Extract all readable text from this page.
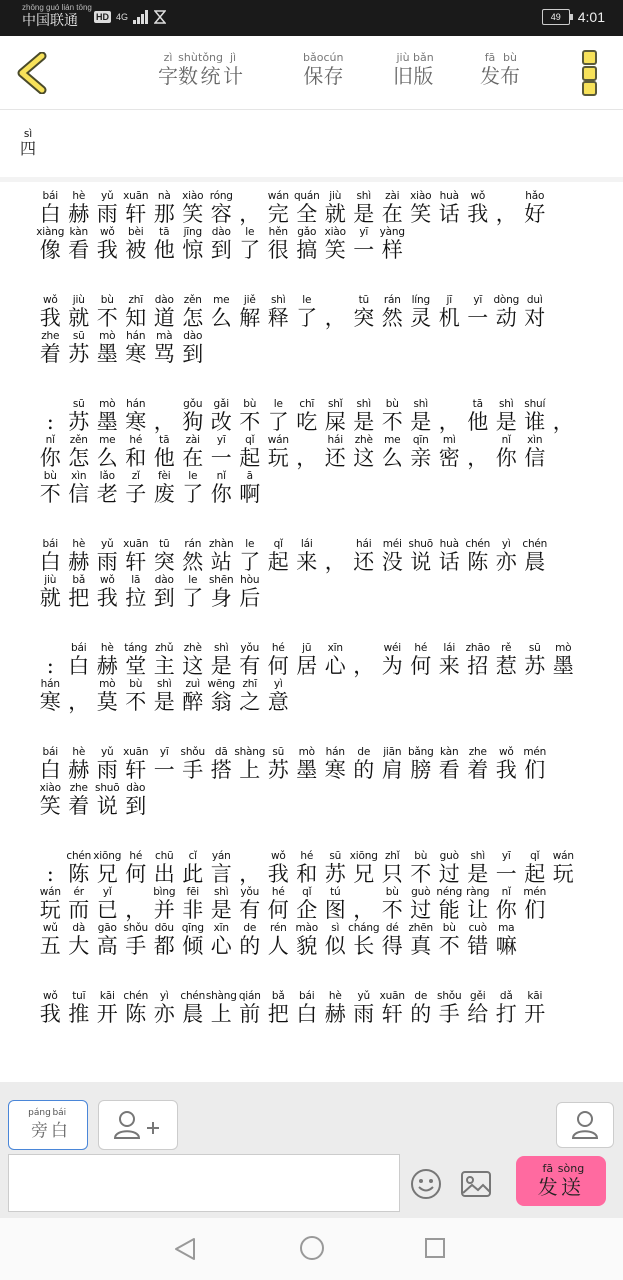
zhōng guó lián tōng
中国联通	HD 4G	49	4:01
zì
字
shù
数
tǒng
统
jì
计
bǎo
保
cún
存
jiù
旧
bǎn
版
fā
发
bù
布
sì
四
bái
白
hè
赫
yǔ
雨
xuān
轩
nà
那
xiào
笑
róng
容 ，
wán
完
quán
全
jiù
就
shì
是
zài
在
xiào
笑
huà
话
wǒ
我 ，
hǎo
好
xiàng
像
kàn
看
wǒ
我
bèi
被
tā
他
jīng
惊
dào
到
le
了
hěn
很
gǎo
搞
xiào
笑
yī
一
yàng
样
wǒ
我
jiù
就
bù
不
zhī
知
dào
道
zěn
怎
me
么
jiě
解
shì
释
le
了 ，
tū
突
rán
然
líng
灵
jī
机
yī
一
dòng
动
duì
对
zhe
着
sū
苏
mò
墨
hán
寒
mà
骂
dào
到
:
sū
苏
mò
墨
hán
寒 ，
gǒu
狗
gǎi
改
bù
不
le
了
chī
吃
shǐ
屎
shì
是
bù
不
shì
是 ，
tā
他
shì
是
shuí
谁 ，
nǐ
你
zěn
怎
me
么
hé
和
tā
他
zài
在
yī
一
qǐ
起
wán
玩 ，
hái
还
zhè
这
me
么
qīn
亲
mì
密 ，
nǐ
你
xìn
信
bù
不
xìn
信
lǎo
老
zǐ
子
fèi
废
le
了
nǐ
你
ā
啊
bái
白
hè
赫
yǔ
雨
xuān
轩
tū
突
rán
然
zhàn
站
le
了
qǐ
起
lái
来 ，
hái
还
méi
没
shuō
说
huà
话
chén
陈
yì
亦
chén
晨
jiù
就
bǎ
把
wǒ
我
lā
拉
dào
到
le
了
shēn
身
hòu
后
:
bái
白
hè
赫
táng
堂
zhǔ
主
zhè
这
shì
是
yǒu
有
hé
何
jū
居
xīn
心 ，
wéi
为
hé
何
lái
来
zhāo
招
rě
惹
sū
苏
mò
墨
hán
寒 ，
mò
莫
bù
不
shì
是
zuì
醉
wēng
翁
zhī
之
yì
意
bái
白
hè
赫
yǔ
雨
xuān
轩
yī
一
shǒu
手
dā
搭
shàng
上
sū
苏
mò
墨
hán
寒
de
的
jiān
肩
bǎng
膀
kàn
看
zhe
着
wǒ
我
mén
们
xiào
笑
zhe
着
shuō
说
dào
到
:
chén
陈
xiōng
兄
hé
何
chū
出
cǐ
此
yán
言 ，
wǒ
我
hé
和
sū
苏
xiōng
兄
zhǐ
只
bù
不
guò
过
shì
是
yī
一
qǐ
起
wán
玩
wán
玩
ér
而
yǐ
已 ，
bìng
并
fēi
非
shì
是
yǒu
有
hé
何
qǐ
企
tú
图 ，
bù
不
guò
过
néng
能
ràng
让
nǐ
你
mén
们
wǔ
五
dà
大
gāo
高
shǒu
手
dōu
都
qīng
倾
xīn
心
de
的
rén
人
mào
貌
sì
似
cháng
长
dé
得
zhēn
真
bù
不
cuò
错
ma
嘛
wǒ
我
tuī
推
kāi
开
chén
陈
yì
亦
chén
晨
shàng
上
qián
前
bǎ
把
bái
白
hè
赫
yǔ
雨
xuān
轩
de
的
shǒu
手
gěi
给
dǎ
打
kāi
开
páng
旁
bái
白
fā
发
sòng
送
